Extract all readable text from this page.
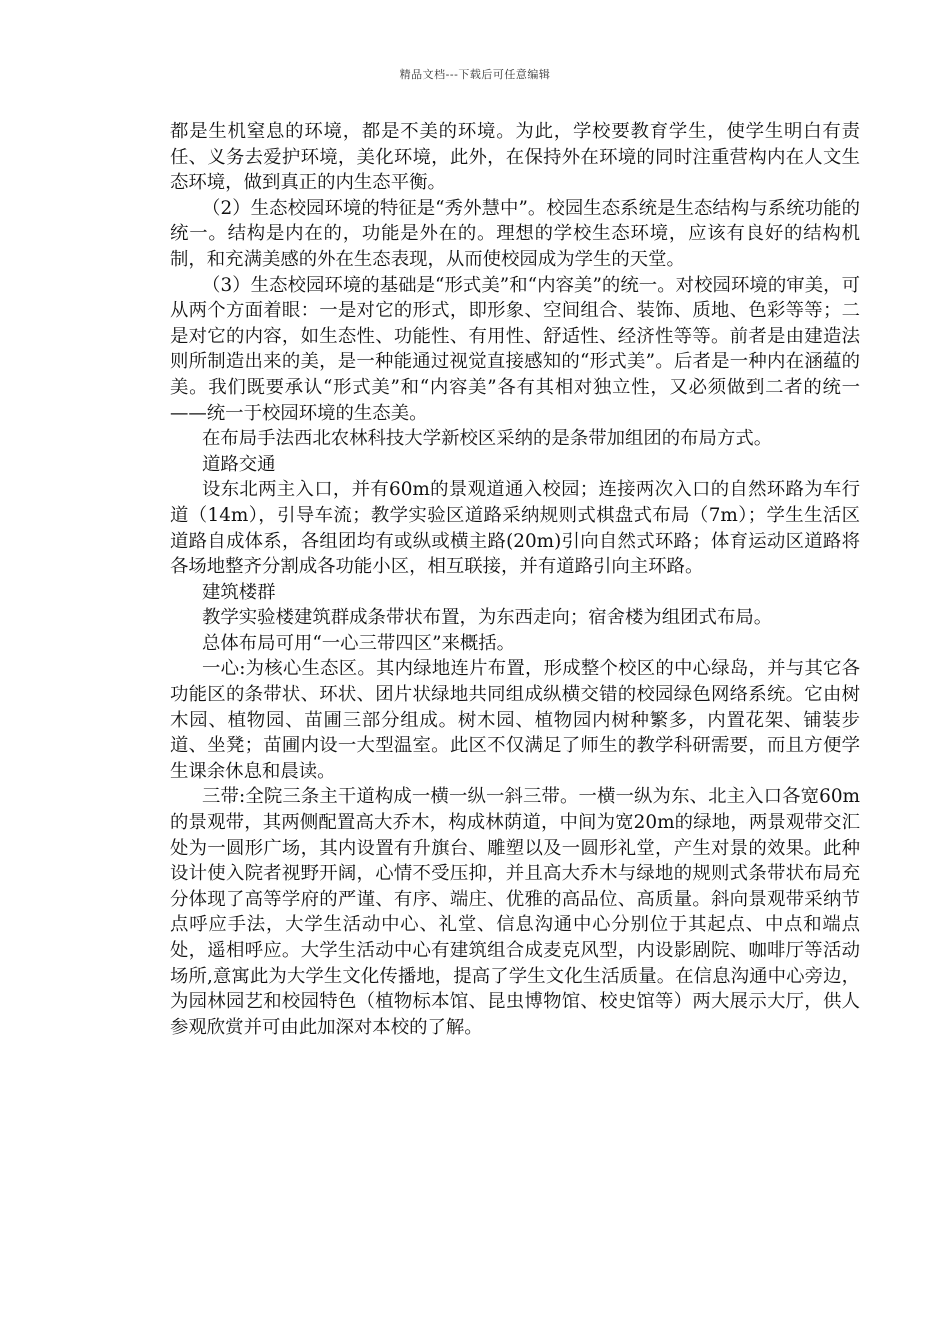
精品文档---下载后可任意编辑

都是生机窒息的环境，都是不美的环境。为此，学校要教育学生，使学生明白有责任、义务去爱护环境，美化环境，此外，在保持外在环境的同时注重营构内在人文生态环境，做到真正的内生态平衡。

（2）生态校园环境的特征是“秀外慧中”。校园生态系统是生态结构与系统功能的统一。结构是内在的，功能是外在的。理想的学校生态环境，应该有良好的结构机制，和充满美感的外在生态表现，从而使校园成为学生的天堂。

（3）生态校园环境的基础是“形式美”和“内容美”的统一。对校园环境的审美，可从两个方面着眼：一是对它的形式，即形象、空间组合、装饰、质地、色彩等等；二是对它的内容，如生态性、功能性、有用性、舒适性、经济性等等。前者是由建造法则所制造出来的美，是一种能通过视觉直接感知的“形式美”。后者是一种内在涵蕴的美。我们既要承认“形式美”和“内容美”各有其相对独立性，又必须做到二者的统一——统一于校园环境的生态美。

在布局手法西北农林科技大学新校区采纳的是条带加组团的布局方式。

道路交通

设东北两主入口，并有60m的景观道通入校园；连接两次入口的自然环路为车行道（14m），引导车流；教学实验区道路采纳规则式棋盘式布局（7m）；学生生活区道路自成体系，各组团均有或纵或横主路(20m)引向自然式环路；体育运动区道路将各场地整齐分割成各功能小区，相互联接，并有道路引向主环路。

建筑楼群

教学实验楼建筑群成条带状布置，为东西走向；宿舍楼为组团式布局。

总体布局可用“一心三带四区”来概括。

一心:为核心生态区。其内绿地连片布置，形成整个校区的中心绿岛，并与其它各功能区的条带状、环状、团片状绿地共同组成纵横交错的校园绿色网络系统。它由树木园、植物园、苗圃三部分组成。树木园、植物园内树种繁多，内置花架、铺装步道、坐凳；苗圃内设一大型温室。此区不仅满足了师生的教学科研需要，而且方便学生课余休息和晨读。

三带:全院三条主干道构成一横一纵一斜三带。一横一纵为东、北主入口各宽60m的景观带，其两侧配置高大乔木，构成林荫道，中间为宽20m的绿地，两景观带交汇处为一圆形广场，其内设置有升旗台、雕塑以及一圆形礼堂，产生对景的效果。此种设计使入院者视野开阔，心情不受压抑，并且高大乔木与绿地的规则式条带状布局充分体现了高等学府的严谨、有序、端庄、优雅的高品位、高质量。斜向景观带采纳节点呼应手法，大学生活动中心、礼堂、信息沟通中心分别位于其起点、中点和端点处，遥相呼应。大学生活动中心有建筑组合成麦克风型，内设影剧院、咖啡厅等活动场所,意寓此为大学生文化传播地，提高了学生文化生活质量。在信息沟通中心旁边，为园林园艺和校园特色（植物标本馆、昆虫博物馆、校史馆等）两大展示大厅，供人参观欣赏并可由此加深对本校的了解。
